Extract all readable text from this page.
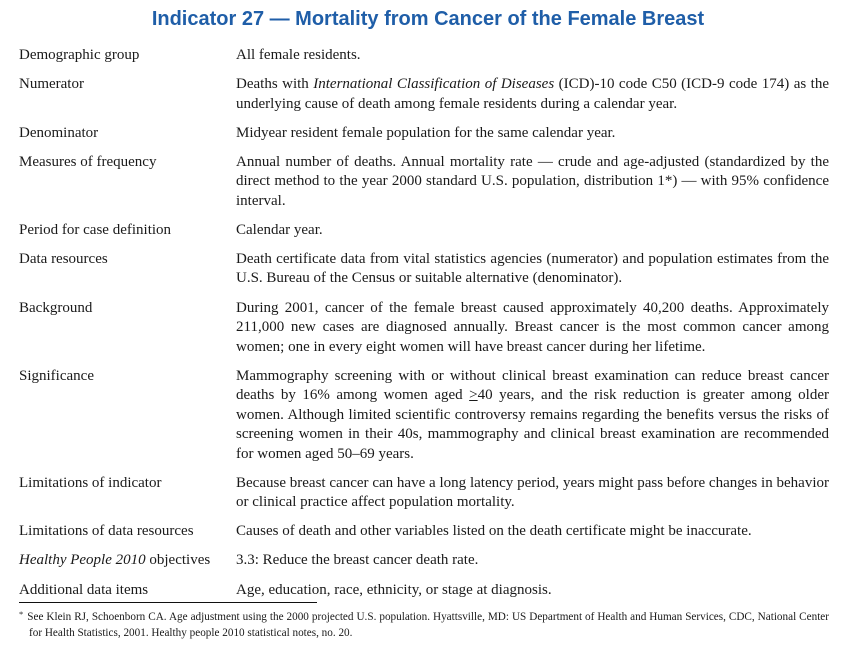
Indicator 27 — Mortality from Cancer of the Female Breast
Demographic group	All female residents.
Numerator	Deaths with International Classification of Diseases (ICD)-10 code C50 (ICD-9 code 174) as the underlying cause of death among female residents during a calendar year.
Denominator	Midyear resident female population for the same calendar year.
Measures of frequency	Annual number of deaths. Annual mortality rate — crude and age-adjusted (standardized by the direct method to the year 2000 standard U.S. population, distribution 1*) — with 95% confidence interval.
Period for case definition	Calendar year.
Data resources	Death certificate data from vital statistics agencies (numerator) and population estimates from the U.S. Bureau of the Census or suitable alternative (denominator).
Background	During 2001, cancer of the female breast caused approximately 40,200 deaths. Approximately 211,000 new cases are diagnosed annually. Breast cancer is the most common cancer among women; one in every eight women will have breast cancer during her lifetime.
Significance	Mammography screening with or without clinical breast examination can reduce breast cancer deaths by 16% among women aged >40 years, and the risk reduction is greater among older women. Although limited scientific controversy remains regarding the benefits versus the risks of screening women in their 40s, mammography and clinical breast examination are recommended for women aged 50–69 years.
Limitations of indicator	Because breast cancer can have a long latency period, years might pass before changes in behavior or clinical practice affect population mortality.
Limitations of data resources	Causes of death and other variables listed on the death certificate might be inaccurate.
Healthy People 2010 objectives	3.3: Reduce the breast cancer death rate.
Additional data items	Age, education, race, ethnicity, or stage at diagnosis.
* See Klein RJ, Schoenborn CA. Age adjustment using the 2000 projected U.S. population. Hyattsville, MD: US Department of Health and Human Services, CDC, National Center for Health Statistics, 2001. Healthy people 2010 statistical notes, no. 20.
